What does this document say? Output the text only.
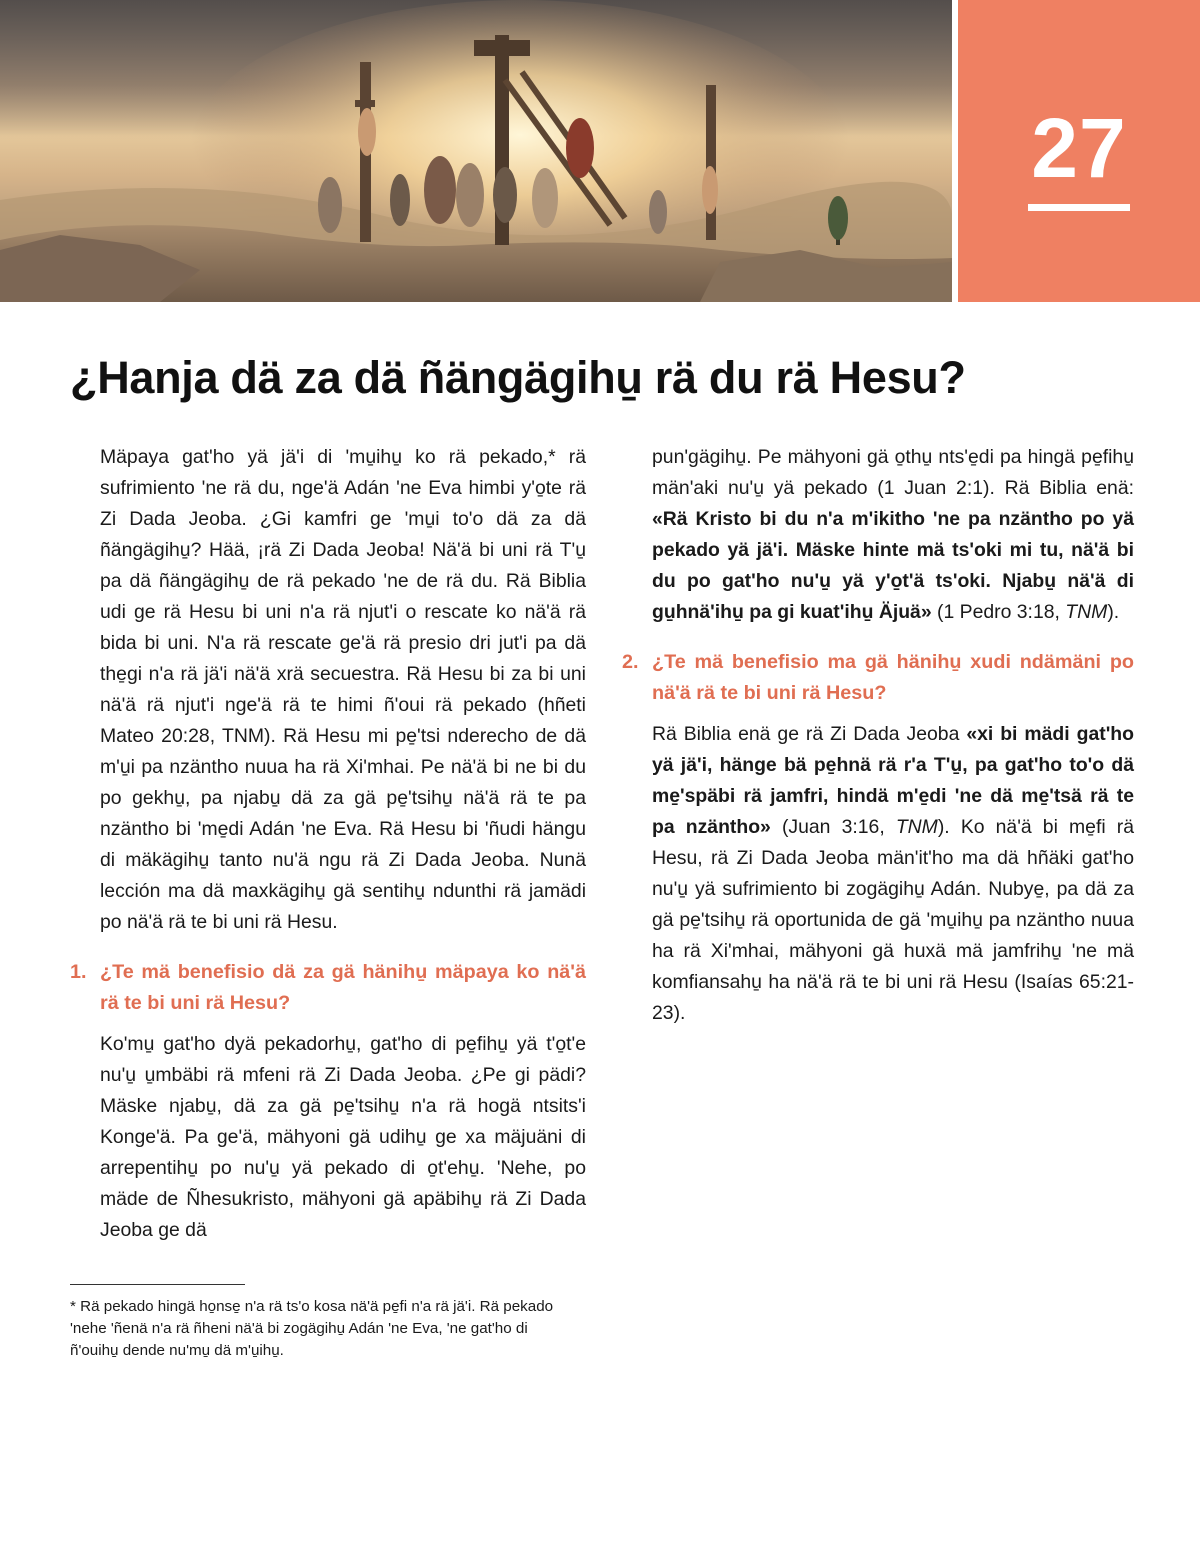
27
¿Hanja dä za dä ñängägihu̱ rä du rä Hesu?

Mäpaya gat'ho yä jä'i di 'mu̱ihu̱ ko rä pekado,* rä sufrimiento 'ne rä du, nge'ä Adán 'ne Eva himbi y'o̱te rä Zi Dada Jeoba. ¿Gi kamfri ge 'mu̱i to'o dä za dä ñängägihu̱? Hää, ¡rä Zi Dada Jeoba! Nä'ä bi uni rä T'u̱ pa dä ñängägihu̱ de rä pekado 'ne de rä du. Rä Biblia udi ge rä Hesu bi uni n'a rä njut'i o rescate ko nä'ä rä bida bi uni. N'a rä rescate ge'ä rä presio dri jut'i pa dä the̱gi n'a rä jä'i nä'ä xrä secuestra. Rä Hesu bi za bi uni nä'ä rä njut'i nge'ä rä te himi ñ'oui rä pekado (hñeti Mateo 20:28, TNM). Rä Hesu mi pe̱'tsi nderecho de dä m'u̱i pa nzäntho nuua ha rä Xi'mhai. Pe nä'ä bi ne bi du po gekhu̱, pa njabu̱ dä za gä pe̱'tsihu̱ nä'ä rä te pa nzäntho bi 'me̱di Adán 'ne Eva. Rä Hesu bi 'ñudi hängu di mäkägihu̱ tanto nu'ä ngu rä Zi Dada Jeoba. Nunä lección ma dä maxkägihu̱ gä sentihu̱ ndunthi rä jamädi po nä'ä rä te bi uni rä Hesu.

1. ¿Te mä benefisio dä za gä hänihu̱ mäpaya ko nä'ä rä te bi uni rä Hesu?

Ko'mu̱ gat'ho dyä pekadorhu̱, gat'ho di pe̱fihu̱ yä t'o̱t'e nu'u̱ u̱mbäbi rä mfeni rä Zi Dada Jeoba. ¿Pe gi pädi? Mäske njabu̱, dä za gä pe̱'tsihu̱ n'a rä hogä ntsits'i Konge'ä. Pa ge'ä, mähyoni gä udihu̱ ge xa mäjuäni di arrepentihu̱ po nu'u̱ yä pekado di o̱t'ehu̱. 'Nehe, po mäde de Ñhesukristo, mähyoni gä apäbihu̱ rä Zi Dada Jeoba ge dä

* Rä pekado hingä ho̱nse̱ n'a rä ts'o kosa nä'ä pe̱fi n'a rä jä'i. Rä pekado 'nehe 'ñenä n'a rä ñheni nä'ä bi zogägihu̱ Adán 'ne Eva, 'ne gat'ho di ñ'ouihu̱ dende nu'mu̱ dä m'u̱ihu̱.

pun'gägihu̱. Pe mähyoni gä o̱thu̱ nts'e̱di pa hingä pe̱fihu̱ män'aki nu'u̱ yä pekado (1 Juan 2:1). Rä Biblia enä: «Rä Kristo bi du n'a m'ikitho 'ne pa nzäntho po yä pekado yä jä'i. Mäske hinte mä ts'oki mi tu, nä'ä bi du po gat'ho nu'u̱ yä y'o̱t'ä ts'oki. Njabu̱ nä'ä di gu̱hnä'ihu̱ pa gi kuat'ihu̱ Äjuä» (1 Pedro 3:18, TNM).

2. ¿Te mä benefisio ma gä hänihu̱ xudi ndämäni po nä'ä rä te bi uni rä Hesu?

Rä Biblia enä ge rä Zi Dada Jeoba «xi bi mädi gat'ho yä jä'i, hänge bä pe̱hnä rä r'a T'u̱, pa gat'ho to'o dä me̱'späbi rä jamfri, hindä m'e̱di 'ne dä me̱'tsä rä te pa nzäntho» (Juan 3:16, TNM). Ko nä'ä bi me̱fi rä Hesu, rä Zi Dada Jeoba män'it'ho ma dä hñäki gat'ho nu'u̱ yä sufrimiento bi zogägihu̱ Adán. Nubye̱, pa dä za gä pe̱'tsihu̱ rä oportunida de gä 'mu̱ihu̱ pa nzäntho nuua ha rä Xi'mhai, mähyoni gä huxä mä jamfrihu̱ 'ne mä komfiansahu̱ ha nä'ä rä te bi uni rä Hesu (Isaías 65:21-23).
